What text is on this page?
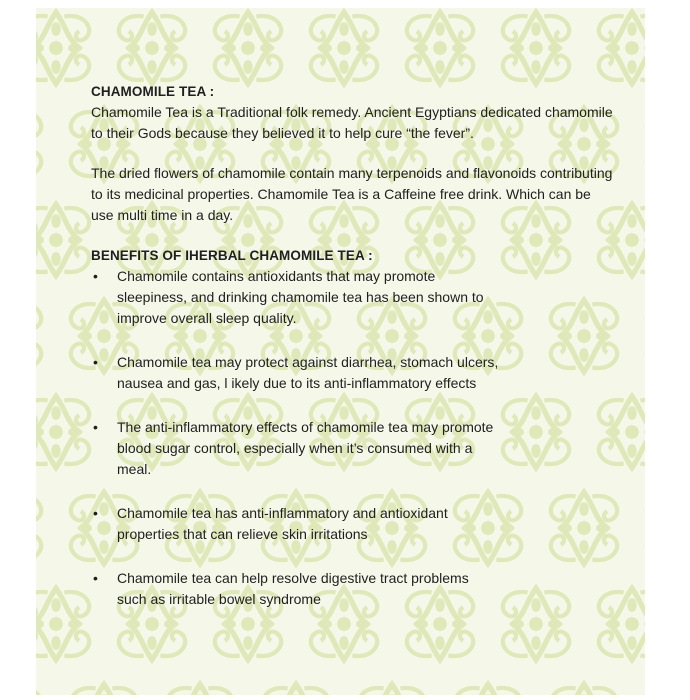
CHAMOMILE TEA :

Chamomile Tea is a Traditional folk remedy. Ancient Egyptians dedicated chamomile to their Gods because they believed it to help cure “the fever”.

The dried flowers of chamomile contain many terpenoids and flavonoids contributing to its medicinal properties. Chamomile Tea is a Caffeine free drink. Which can be use multi time in a day.

BENEFITS OF IHERBAL CHAMOMILE TEA :
• Chamomile contains antioxidants that may promote sleepiness, and drinking chamomile tea has been shown to improve overall sleep quality.
• Chamomile tea may protect against diarrhea, stomach ulcers, nausea and gas, l ikely due to its anti-inflammatory effects
• The anti-inflammatory effects of chamomile tea may promote blood sugar control, especially when it’s consumed with a meal.
• Chamomile tea has anti-inflammatory and antioxidant properties that can relieve skin irritations
• Chamomile tea can help resolve digestive tract problems such as irritable bowel syndrome
